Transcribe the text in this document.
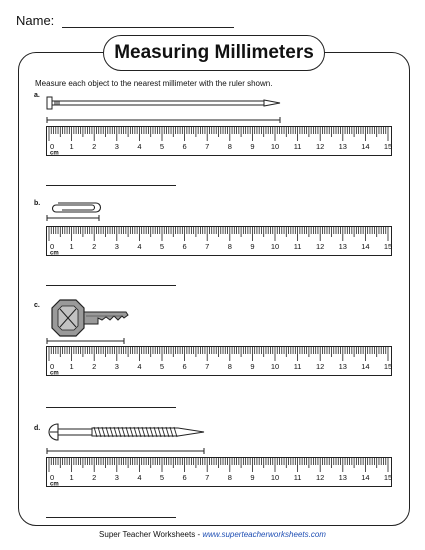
Name:
Measuring Millimeters
Measure each object to the nearest millimeter with the ruler shown.
a.
0 1 2 3 4 5 6 7 8 9 10 11 12 13 14 15
cm
b.
0 1 2 3 4 5 6 7 8 9 10 11 12 13 14 15
cm
c.
0 1 2 3 4 5 6 7 8 9 10 11 12 13 14 15
cm
d.
0 1 2 3 4 5 6 7 8 9 10 11 12 13 14 15
cm
Super Teacher Worksheets - www.superteacherworksheets.com
